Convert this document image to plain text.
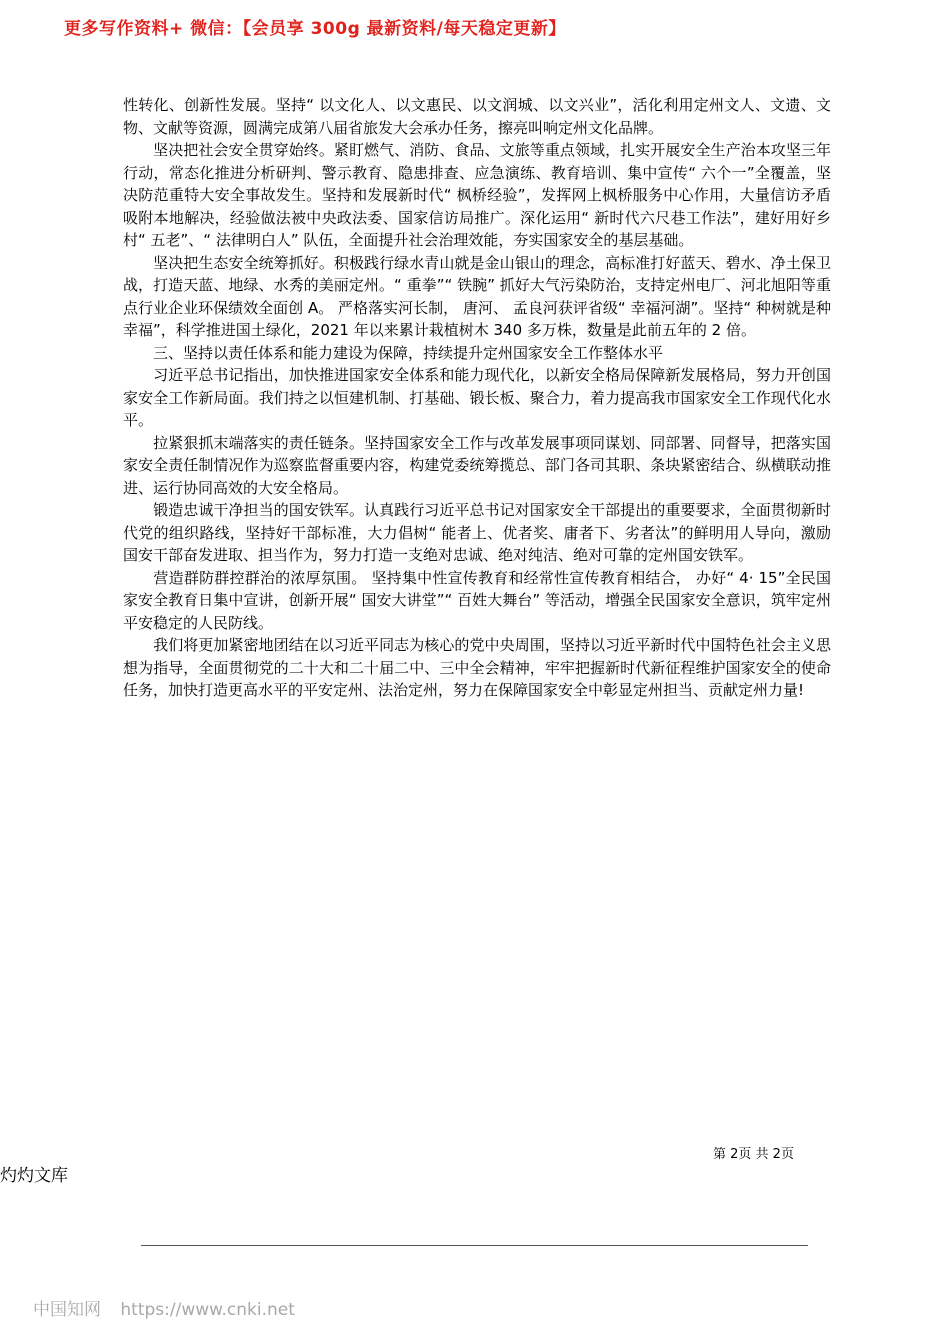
更多写作资料+ 微信：【会员享 300g 最新资料/每天稳定更新】

性转化、创新性发展。坚持“ 以文化人、以文惠民、以文润城、以文兴业”，活化利用定州文人、文遗、文物、文献等资源，圆满完成第八届省旅发大会承办任务，擦亮叫响定州文化品牌。

　　坚决把社会安全贯穿始终。紧盯燃气、消防、食品、文旅等重点领域，扎实开展安全生产治本攻坚三年行动，常态化推进分析研判、警示教育、隐患排查、应急演练、教育培训、集中宣传“ 六个一”全覆盖，坚决防范重特大安全事故发生。坚持和发展新时代“ 枫桥经验”，发挥网上枫桥服务中心作用，大量信访矛盾吸附本地解决，经验做法被中央政法委、国家信访局推广。深化运用“ 新时代六尺巷工作法”，建好用好乡村“ 五老”、“ 法律明白人” 队伍，全面提升社会治理效能，夯实国家安全的基层基础。

　　坚决把生态安全统筹抓好。积极践行绿水青山就是金山银山的理念，高标准打好蓝天、碧水、净土保卫战，打造天蓝、地绿、水秀的美丽定州。“ 重拳”“ 铁腕” 抓好大气污染防治，支持定州电厂、河北旭阳等重点行业企业环保绩效全面创 A。 严格落实河长制， 唐河、 孟良河获评省级“ 幸福河湖”。坚持“ 种树就是种幸福”，科学推进国土绿化，2021 年以来累计栽植树木 340 多万株，数量是此前五年的 2 倍。

　　三、坚持以责任体系和能力建设为保障，持续提升定州国家安全工作整体水平

　　习近平总书记指出，加快推进国家安全体系和能力现代化，以新安全格局保障新发展格局，努力开创国家安全工作新局面。我们持之以恒建机制、打基础、锻长板、聚合力，着力提高我市国家安全工作现代化水平。

　　拉紧狠抓末端落实的责任链条。坚持国家安全工作与改革发展事项同谋划、同部署、同督导，把落实国家安全责任制情况作为巡察监督重要内容，构建党委统筹揽总、部门各司其职、条块紧密结合、纵横联动推进、运行协同高效的大安全格局。

　　锻造忠诚干净担当的国安铁军。认真践行习近平总书记对国家安全干部提出的重要要求，全面贯彻新时代党的组织路线，坚持好干部标准，大力倡树“ 能者上、优者奖、庸者下、劣者汰”的鲜明用人导向，激励国安干部奋发进取、担当作为，努力打造一支绝对忠诚、绝对纯洁、绝对可靠的定州国安铁军。

　　营造群防群控群治的浓厚氛围。 坚持集中性宣传教育和经常性宣传教育相结合， 办好“ 4· 15”全民国家安全教育日集中宣讲，创新开展“ 国安大讲堂”“ 百姓大舞台” 等活动，增强全民国家安全意识，筑牢定州平安稳定的人民防线。

　　我们将更加紧密地团结在以习近平同志为核心的党中央周围，坚持以习近平新时代中国特色社会主义思想为指导，全面贯彻党的二十大和二十届二中、三中全会精神，牢牢把握新时代新征程维护国家安全的使命任务，加快打造更高水平的平安定州、法治定州，努力在保障国家安全中彰显定州担当、贡献定州力量!

第 2页 共 2页
灼灼文库
中国知网 https://www.cnki.net
